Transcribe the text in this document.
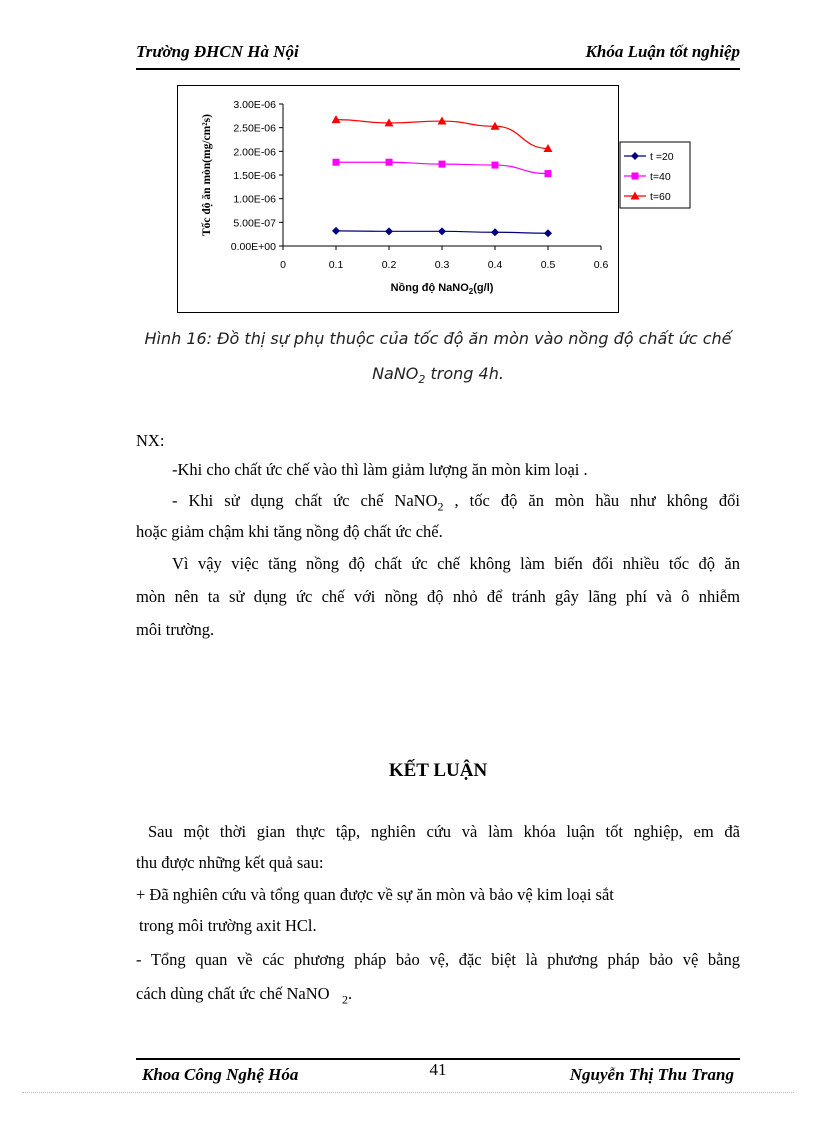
Trường ĐHCN Hà Nội	Khóa Luận tốt nghiệp
0.00E+00
5.00E-07
1.00E-06
1.50E-06
2.00E-06
2.50E-06
3.00E-06
0	0.1	0.2	0.3	0.4	0.5	0.6
t =20
t=40
t=60
Nồng độ NaNO$_2$(g/l)
Tốc độ ăn mòn(mg/cm²s)
Hình 16: Đồ thị sự phụ thuộc của tốc độ ăn mòn vào nồng độ chất ức chế
NaNO$_2$ trong 4h.
NX:
-Khi cho chất ức chế vào thì làm giảm lượng ăn mòn kim loại .
- Khi sử dụng chất ức chế NaNO$_2$ , tốc độ ăn mòn hầu như không đổi
hoặc giảm chậm khi tăng nồng độ chất ức chế.
Vì vậy việc tăng nồng độ chất ức chế không làm biến đổi nhiều tốc độ ăn
mòn nên ta sử dụng ức chế với nồng độ nhỏ để tránh gây lãng phí và ô nhiễm
môi trường.
KẾT LUẬN
Sau một thời gian thực tập, nghiên cứu và làm khóa luận tốt nghiệp, em đã
thu được những kết quả sau:
+ Đã nghiên cứu và tổng quan được về sự ăn mòn và bảo vệ kim loại sắt
trong môi trường axit HCl.
- Tổng quan về các phương pháp bảo vệ, đặc biệt là phương pháp bảo vệ bằng
cách dùng chất ức chế NaNO $_2$.
Khoa Công Nghệ Hóa	41	Nguyễn Thị Thu Trang
